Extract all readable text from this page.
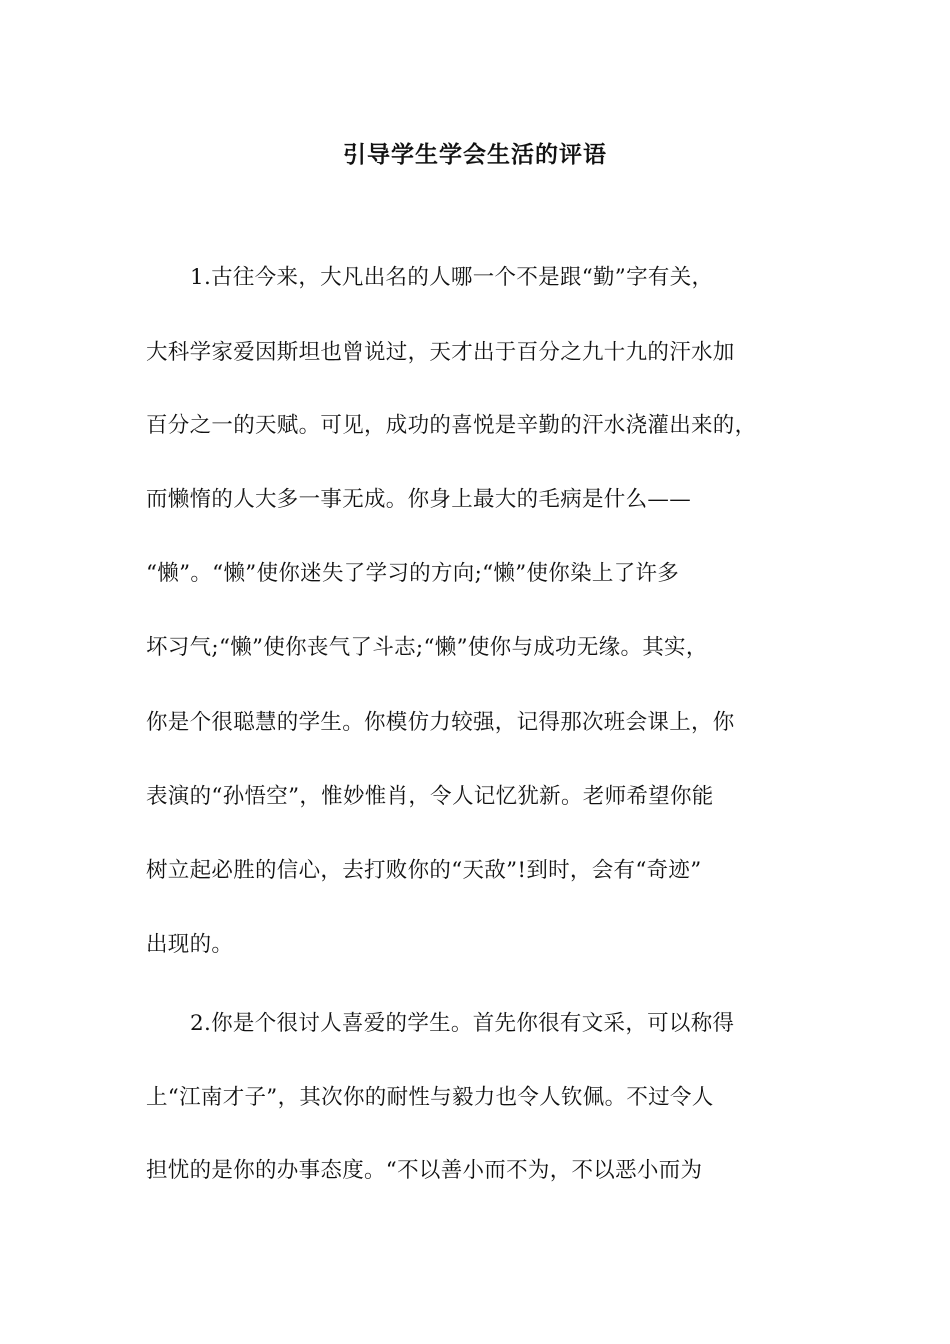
引导学生学会生活的评语
1.古往今来，大凡出名的人哪一个不是跟“勤”字有关，
大科学家爱因斯坦也曾说过，天才出于百分之九十九的汗水加
百分之一的天赋。可见，成功的喜悦是辛勤的汗水浇灌出来的，
而懒惰的人大多一事无成。你身上最大的毛病是什么——
“懒”。“懒”使你迷失了学习的方向;“懒”使你染上了许多
坏习气;“懒”使你丧气了斗志;“懒”使你与成功无缘。其实，
你是个很聪慧的学生。你模仿力较强，记得那次班会课上，你
表演的“孙悟空”，惟妙惟肖，令人记忆犹新。老师希望你能
树立起必胜的信心，去打败你的“天敌”!到时，会有“奇迹”
出现的。
2.你是个很讨人喜爱的学生。首先你很有文采，可以称得
上“江南才子”，其次你的耐性与毅力也令人钦佩。不过令人
担忧的是你的办事态度。“不以善小而不为，不以恶小而为
